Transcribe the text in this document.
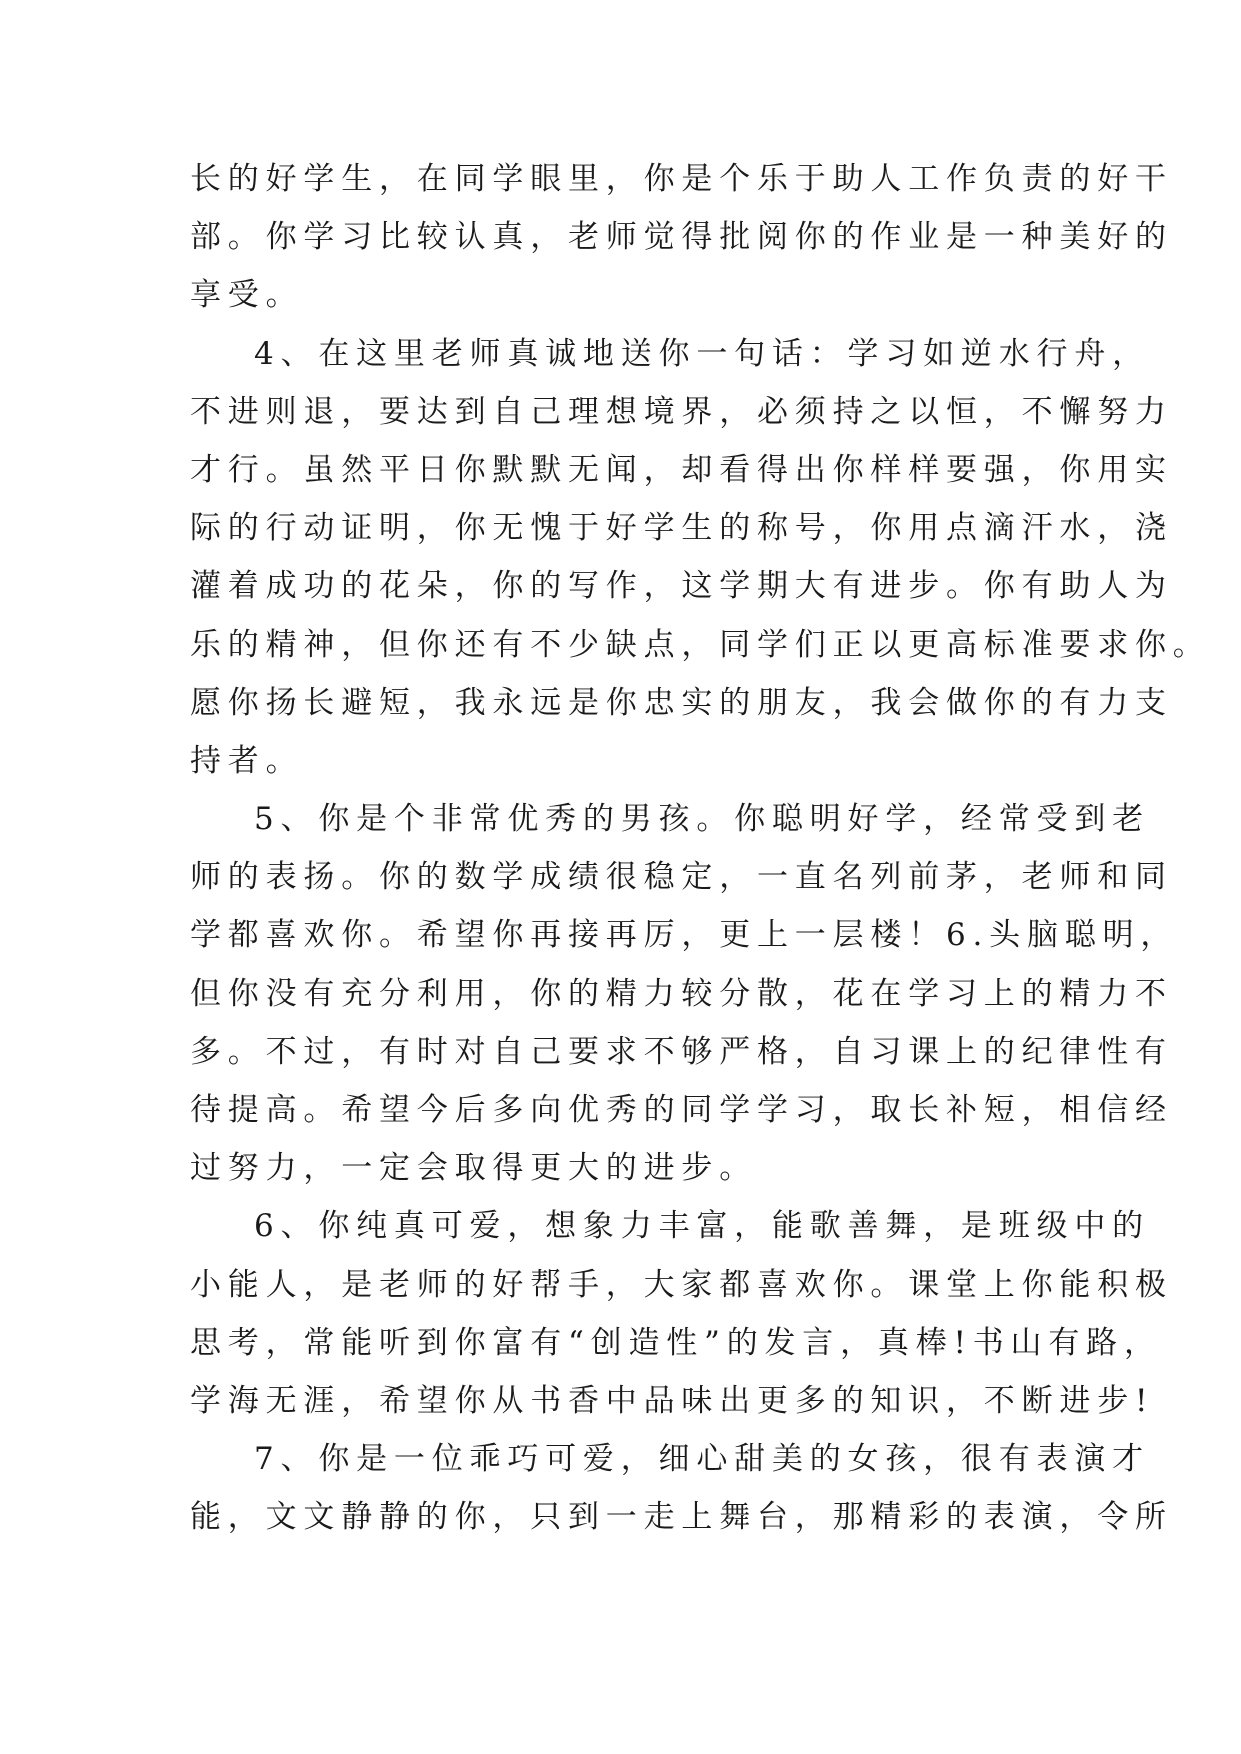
长的好学生，在同学眼里，你是个乐于助人工作负责的好干
部。你学习比较认真，老师觉得批阅你的作业是一种美好的
享受。
4、在这里老师真诚地送你一句话：学习如逆水行舟，
不进则退，要达到自己理想境界，必须持之以恒，不懈努力
才行。虽然平日你默默无闻，却看得出你样样要强，你用实
际的行动证明，你无愧于好学生的称号，你用点滴汗水，浇
灌着成功的花朵，你的写作，这学期大有进步。你有助人为
乐的精神，但你还有不少缺点，同学们正以更高标准要求你。
愿你扬长避短，我永远是你忠实的朋友，我会做你的有力支
持者。
5、你是个非常优秀的男孩。你聪明好学，经常受到老
师的表扬。你的数学成绩很稳定，一直名列前茅，老师和同
学都喜欢你。希望你再接再厉，更上一层楼！6.头脑聪明，
但你没有充分利用，你的精力较分散，花在学习上的精力不
多。不过，有时对自己要求不够严格，自习课上的纪律性有
待提高。希望今后多向优秀的同学学习，取长补短，相信经
过努力，一定会取得更大的进步。
6、你纯真可爱，想象力丰富，能歌善舞，是班级中的
小能人，是老师的好帮手，大家都喜欢你。课堂上你能积极
思考，常能听到你富有“创造性”的发言，真棒!书山有路，
学海无涯，希望你从书香中品味出更多的知识，不断进步!
7、你是一位乖巧可爱，细心甜美的女孩，很有表演才
能，文文静静的你，只到一走上舞台，那精彩的表演，令所
